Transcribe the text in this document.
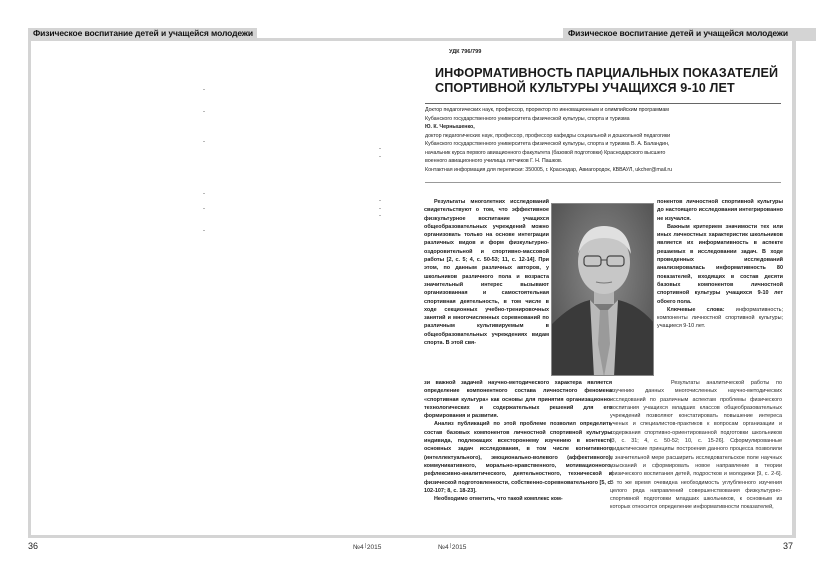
Физическое воспитание детей и учащейся молодежи	Физическое воспитание детей и учащейся молодежи
УДК 796/799
ИНФОРМАТИВНОСТЬ ПАРЦИАЛЬНЫХ ПОКАЗАТЕЛЕЙ
СПОРТИВНОЙ КУЛЬТУРЫ УЧАЩИХСЯ 9-10 ЛЕТ
Доктор педагогических наук, профессор, проректор по инновационным и олимпийским программам
Кубанского государственного университета физической культуры, спорта и туризма
Ю. К. Чернышенко,
доктор педагогических наук, профессор, профессор кафедры социальной и дошкольной педагогики
Кубанского государственного университета физической культуры, спорта и туризма В. А. Баландин,
начальник курса первого авиационного факультета (базовой подготовки) Краснодарского высшего
военного авиационного училища летчиков Г. Н. Пашков.
Контактная информация для переписки: 350005, г. Краснодар, Авиагородок, КВВАУЛ, ukcher@mail.ru

Результаты многолетних исследований свидетельствуют о том, что эффективное физкультурное воспитание учащихся общеобразовательных учреждений можно организовать только на основе интеграции различных видов и форм физкультурно-оздоровительной и спортивно-массовой работы [2, с. 5; 4, с. 50-53; 11, с. 12-14]. При этом, по данным различных авторов, у школьников различного пола и возраста значительный интерес вызывают организованная и самостоятельная спортивная деятельность, в том числе в ходе секционных учебно-тренировочных занятий и многочисленных соревнований по различным культивируемым в общеобразовательных учреждениях видам спорта. В этой свя-

понентов личностной спортивной культуры до настоящего исследования интегрированно не изучался.

Важным критерием значимости тех или иных личностных характеристик школьников является их информативность в аспекте решаемых в исследовании задач. В ходе проведенных исследований анализировалась информативность 80 показателей, входящих в состав десяти базовых компонентов личностной спортивной культуры учащихся 9-10 лет обоего пола.

Ключевые слова: информативность; компоненты личностной спортивной культуры; учащиеся 9-10 лет.

зи важной задачей научно-методического характера является определение компонентного состава личностного феномена «спортивная культура» как основы для принятия организационно-технологических и содержательных решений для его формирования и развития.

Анализ публикаций по этой проблеме позволил определить состав базовых компонентов личностной спортивной культуры индивида, подлежащих всестороннему изучению в контексте основных задач исследования, в том числе когнитивного (интеллектуального), эмоционально-волевого (аффективного), коммуникативного, морально-нравственного, мотивационного, рефлексивно-аналитического, деятельностного, технической и физической подготовленности, собственно-соревновательного [5, с. 102-107; 8, с. 18-23].

Необходимо отметить, что такой комплекс ком-

Результаты аналитической работы по изучению данных многочисленных научно-методических исследований по различным аспектам проблемы физического воспитания учащихся младших классов общеобразовательных учреждений позволяют констатировать повышение интереса ученых и специалистов-практиков к вопросам организации и содержания спортивно-ориентированной подготовки школьников [3, с. 31; 4, с. 50-52; 10, с. 15-26]. Сформулированные дидактические принципы построения данного процесса позволили в значительной мере расширить исследовательское поле научных изысканий и сформировать новое направление в теории физического воспитания детей, подростков и молодежи [9, с. 2-6]. В то же время очевидна необходимость углубленного изучения целого ряда направлений совершенствования физкультурно-спортивной подготовки младших школьников, к основным из которых относится определение информативности показателей,

36	№4|2015	№4|2015	37
